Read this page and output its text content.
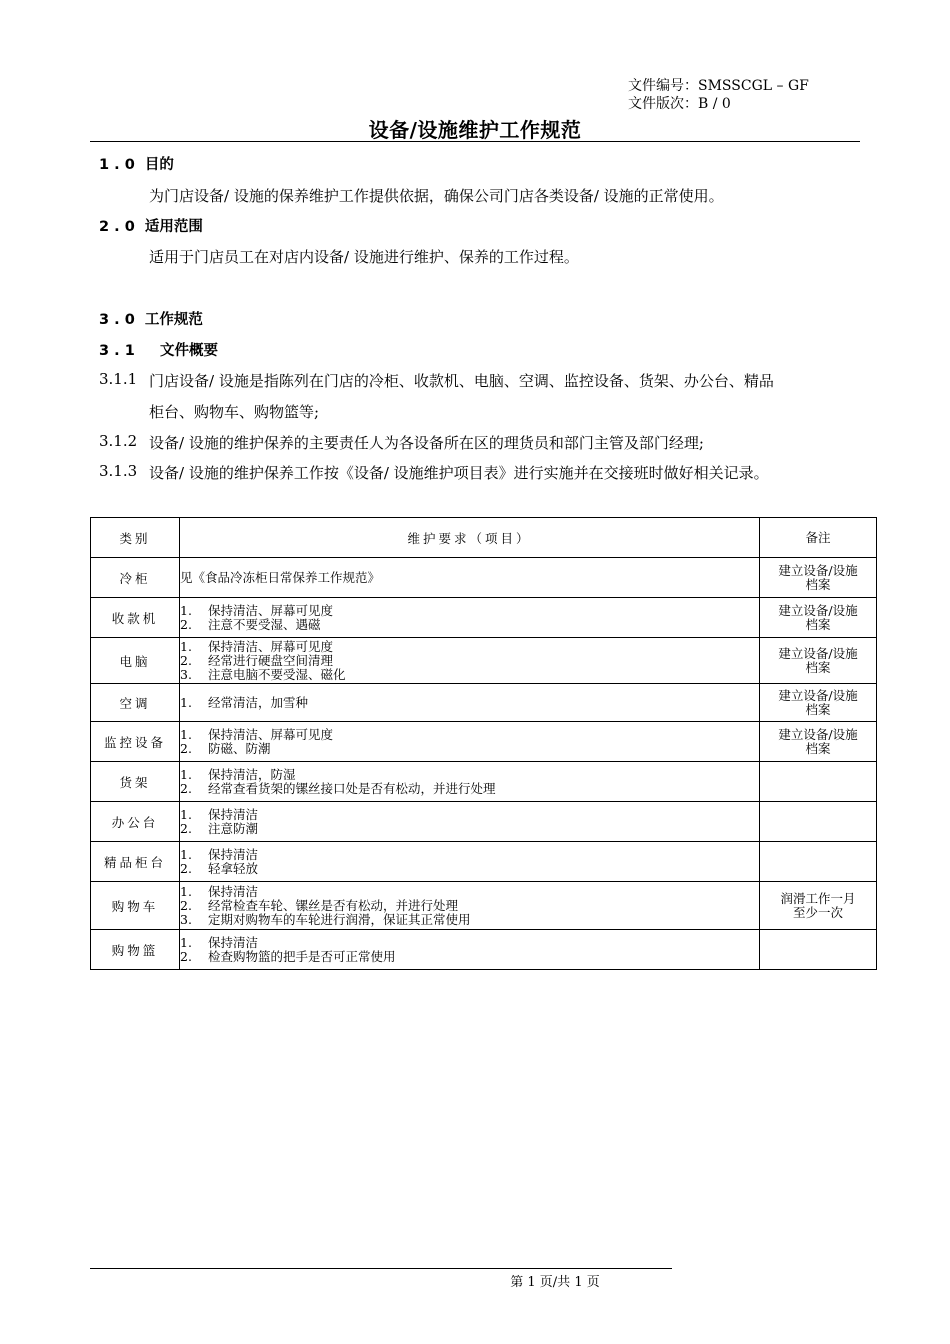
文件编号：SMSSCGL – GF
文件版次：B / 0
设备/设施维护工作规范
1 . 0 目的
为门店设备/ 设施的保养维护工作提供依据，确保公司门店各类设备/ 设施的正常使用。
2 . 0 适用范围
适用于门店员工在对店内设备/ 设施进行维护、保养的工作过程。
3 . 0 工作规范
3 . 1 文件概要
3.1.1 门店设备/ 设施是指陈列在门店的冷柜、收款机、电脑、空调、监控设备、货架、办公台、精品
柜台、购物车、购物篮等;
3.1.2 设备/ 设施的维护保养的主要责任人为各设备所在区的理货员和部门主管及部门经理;
3.1.3 设备/ 设施的维护保养工作按《设备/ 设施维护项目表》进行实施并在交接班时做好相关记录。
类别	维护要求（项目）	备注
冷柜	见《食品冷冻柜日常保养工作规范》	建立设备/设施
档案
收款机	1. 保持清洁、屏幕可见度
2. 注意不要受湿、遇磁	建立设备/设施
档案
电脑	1. 保持清洁、屏幕可见度
2. 经常进行硬盘空间清理
3. 注意电脑不要受湿、磁化	建立设备/设施
档案
空调	1. 经常清洁，加雪种	建立设备/设施
档案
监控设备	1. 保持清洁、屏幕可见度
2. 防磁、防潮	建立设备/设施
档案
货架	1. 保持清洁，防湿
2. 经常查看货架的镙丝接口处是否有松动，并进行处理	

办公台	1. 保持清洁
2. 注意防潮	

精品柜台	1. 保持清洁
2. 轻拿轻放	

购物车	1. 保持清洁
2. 经常检查车轮、镙丝是否有松动，并进行处理
3. 定期对购物车的车轮进行润滑，保证其正常使用	润滑工作一月
至少一次
购物篮	1. 保持清洁
2. 检查购物篮的把手是否可正常使用	

第 1 页/共 1 页
